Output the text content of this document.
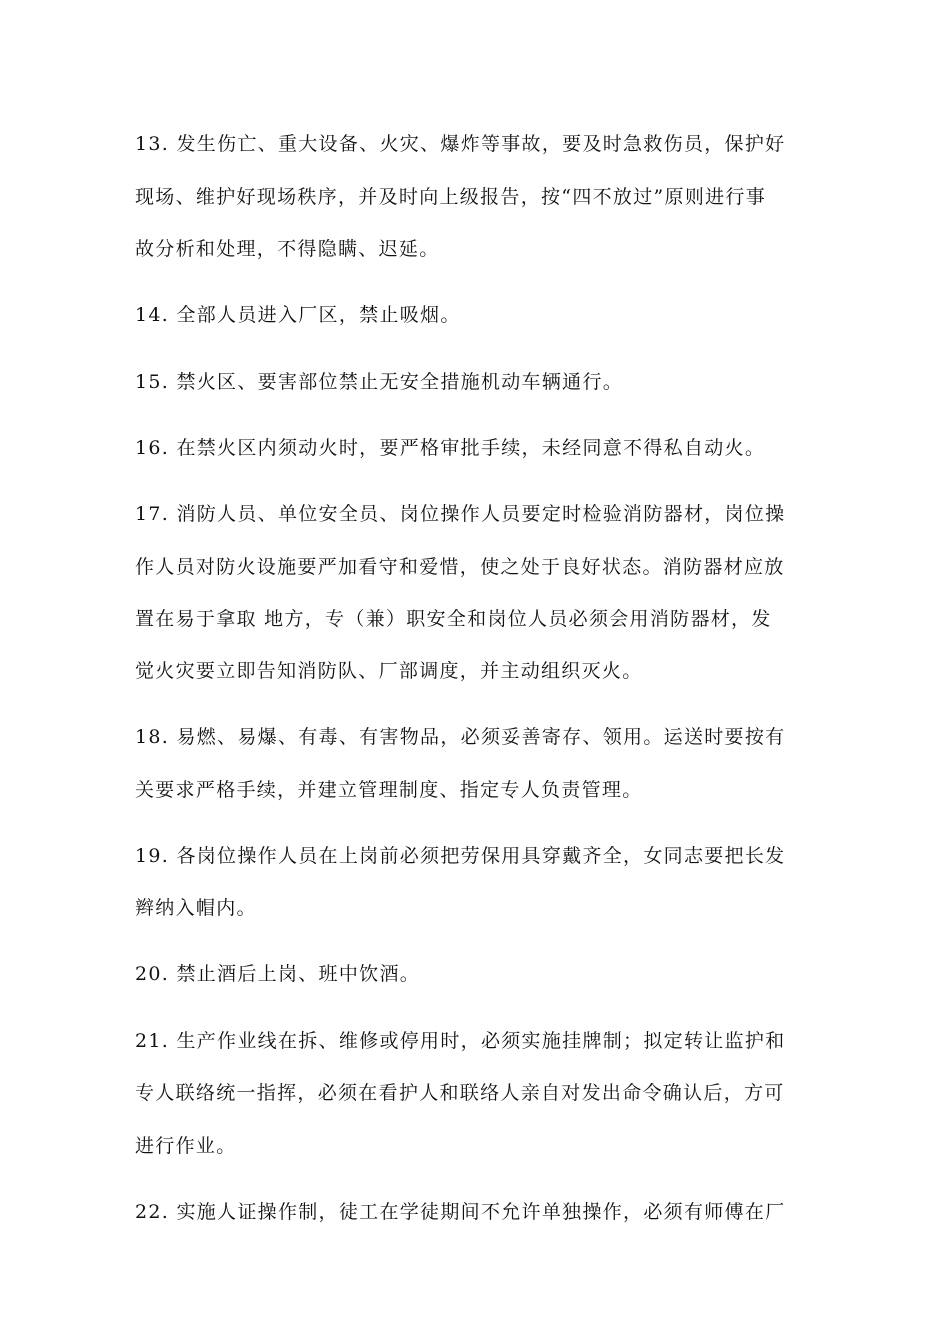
13. 发生伤亡、重大设备、火灾、爆炸等事故，要及时急救伤员，保护好
现场、维护好现场秩序，并及时向上级报告，按“四不放过”原则进行事
故分析和处理，不得隐瞒、迟延。
14. 全部人员进入厂区，禁止吸烟。
15. 禁火区、要害部位禁止无安全措施机动车辆通行。
16. 在禁火区内须动火时，要严格审批手续，未经同意不得私自动火。
17. 消防人员、单位安全员、岗位操作人员要定时检验消防器材，岗位操
作人员对防火设施要严加看守和爱惜，使之处于良好状态。消防器材应放
置在易于拿取 地方，专（兼）职安全和岗位人员必须会用消防器材，发
觉火灾要立即告知消防队、厂部调度，并主动组织灭火。
18. 易燃、易爆、有毒、有害物品，必须妥善寄存、领用。运送时要按有
关要求严格手续，并建立管理制度、指定专人负责管理。
19. 各岗位操作人员在上岗前必须把劳保用具穿戴齐全，女同志要把长发
辫纳入帽内。
20. 禁止酒后上岗、班中饮酒。
21. 生产作业线在拆、维修或停用时，必须实施挂牌制；拟定转让监护和
专人联络统一指挥，必须在看护人和联络人亲自对发出命令确认后，方可
进行作业。
22. 实施人证操作制，徒工在学徒期间不允许单独操作，必须有师傅在厂
